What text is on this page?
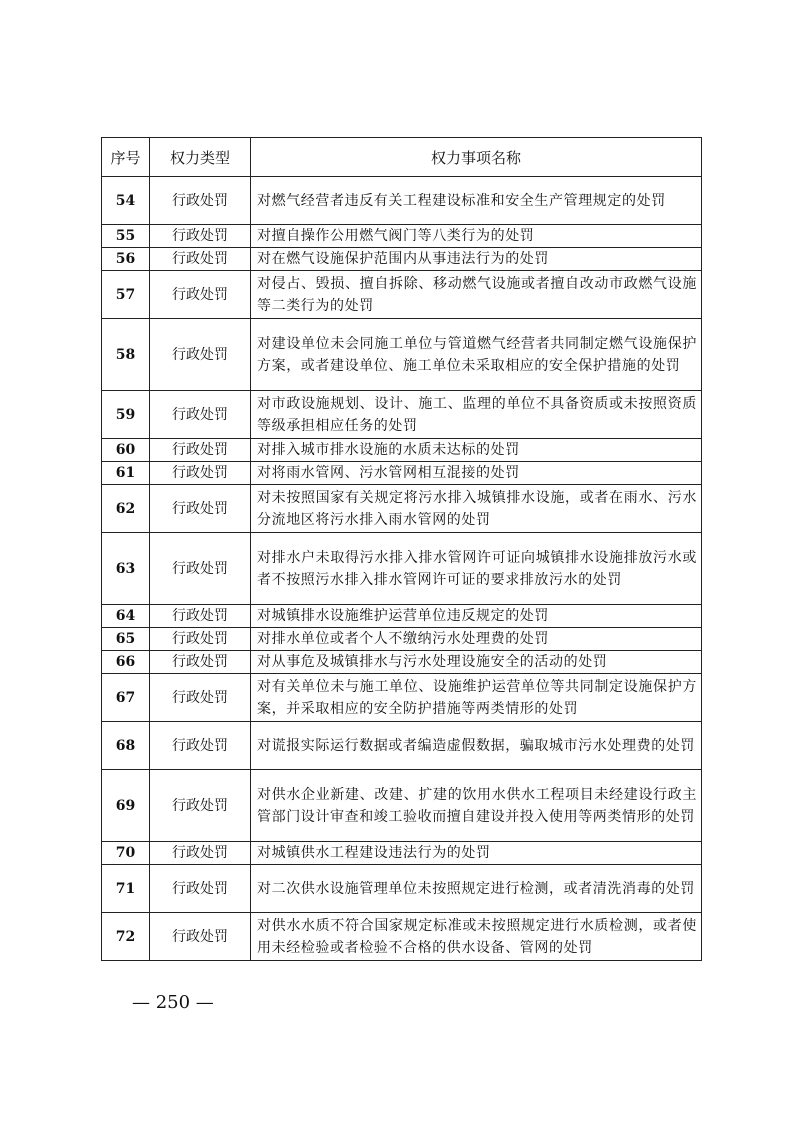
序号	权力类型	权力事项名称
54	行政处罚	对燃气经营者违反有关工程建设标准和安全生产管理规定的处罚
55	行政处罚	对擅自操作公用燃气阀门等八类行为的处罚
56	行政处罚	对在燃气设施保护范围内从事违法行为的处罚
57	行政处罚	对侵占、毁损、擅自拆除、移动燃气设施或者擅自改动市政燃气设施等二类行为的处罚
58	行政处罚	对建设单位未会同施工单位与管道燃气经营者共同制定燃气设施保护方案，或者建设单位、施工单位未采取相应的安全保护措施的处罚
59	行政处罚	对市政设施规划、设计、施工、监理的单位不具备资质或未按照资质等级承担相应任务的处罚
60	行政处罚	对排入城市排水设施的水质未达标的处罚
61	行政处罚	对将雨水管网、污水管网相互混接的处罚
62	行政处罚	对未按照国家有关规定将污水排入城镇排水设施，或者在雨水、污水分流地区将污水排入雨水管网的处罚
63	行政处罚	对排水户未取得污水排入排水管网许可证向城镇排水设施排放污水或者不按照污水排入排水管网许可证的要求排放污水的处罚
64	行政处罚	对城镇排水设施维护运营单位违反规定的处罚
65	行政处罚	对排水单位或者个人不缴纳污水处理费的处罚
66	行政处罚	对从事危及城镇排水与污水处理设施安全的活动的处罚
67	行政处罚	对有关单位未与施工单位、设施维护运营单位等共同制定设施保护方案，并采取相应的安全防护措施等两类情形的处罚
68	行政处罚	对谎报实际运行数据或者编造虚假数据，骗取城市污水处理费的处罚
69	行政处罚	对供水企业新建、改建、扩建的饮用水供水工程项目未经建设行政主管部门设计审查和竣工验收而擅自建设并投入使用等两类情形的处罚
70	行政处罚	对城镇供水工程建设违法行为的处罚
71	行政处罚	对二次供水设施管理单位未按照规定进行检测，或者清洗消毒的处罚
72	行政处罚	对供水水质不符合国家规定标准或未按照规定进行水质检测，或者使用未经检验或者检验不合格的供水设备、管网的处罚
— 250 —
